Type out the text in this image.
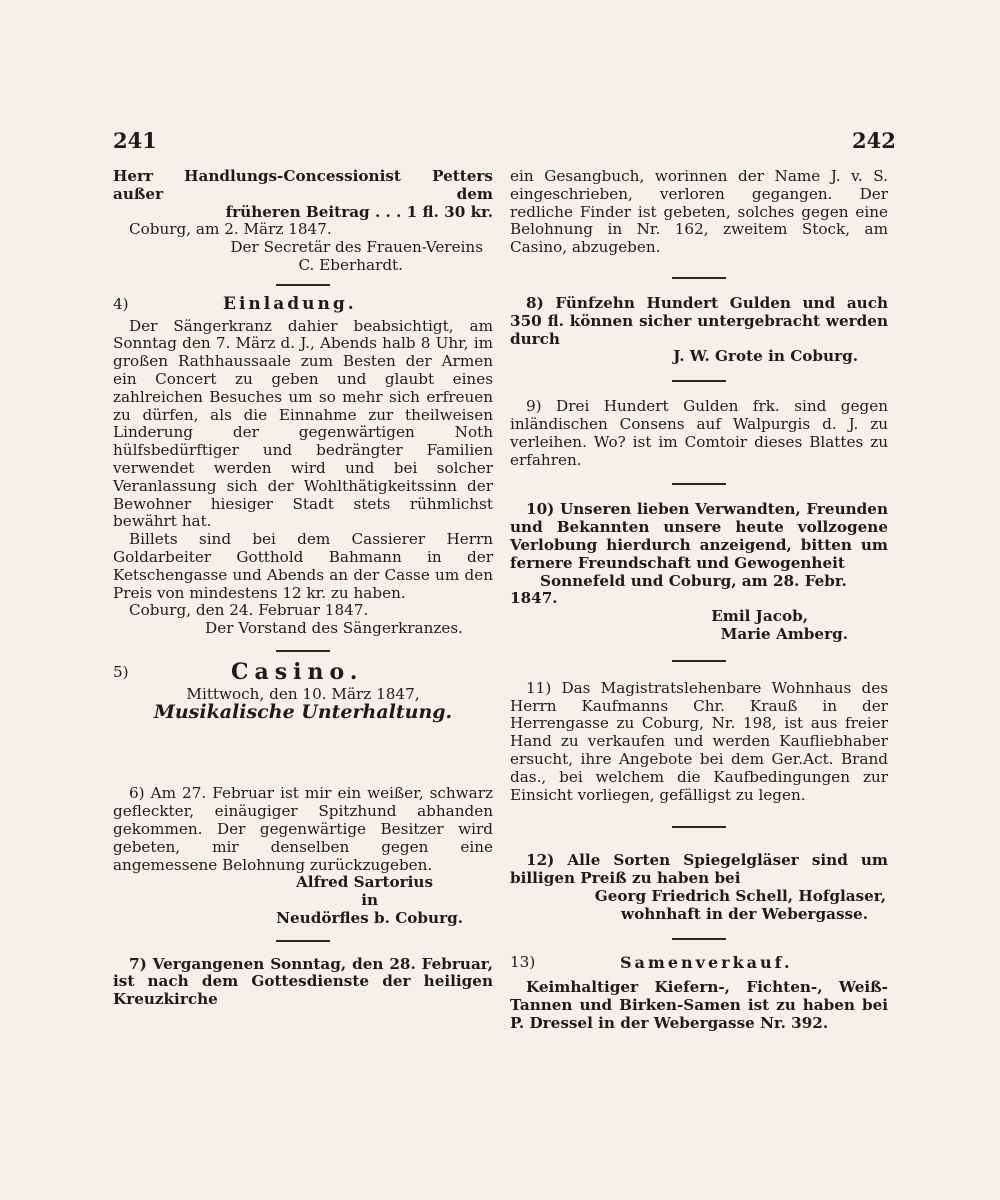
241	242

Herr Handlungs-Concessionist Petters außer dem

früheren Beitrag . . . 1 fl. 30 kr.

Coburg, am 2. März 1847.

Der Secretär des Frauen-Vereins

C. Eberhardt.

4)	Einladung.

Der Sängerkranz dahier beabsichtigt, am Sonntag den 7. März d. J., Abends halb 8 Uhr, im großen Rathhaussaale zum Besten der Armen ein Concert zu geben und glaubt eines zahlreichen Besuches um so mehr sich erfreuen zu dürfen, als die Einnahme zur theilweisen Linderung der gegenwärtigen Noth hülfsbedürftiger und bedrängter Familien verwendet werden wird und bei solcher Veranlassung sich der Wohlthätigkeitssinn der Bewohner hiesiger Stadt stets rühmlichst bewährt hat.

Billets sind bei dem Cassierer Herrn Goldarbeiter Gotthold Bahmann in der Ketschengasse und Abends an der Casse um den Preis von mindestens 12 kr. zu haben.

Coburg, den 24. Februar 1847.

Der Vorstand des Sängerkranzes.

5)	Casino.

Mittwoch, den 10. März 1847,

Musikalische Unterhaltung.

6) Am 27. Februar ist mir ein weißer, schwarz gefleckter, einäugiger Spitzhund abhanden gekommen. Der gegenwärtige Besitzer wird gebeten, mir denselben gegen eine angemessene Belohnung zurückzugeben.

Alfred Sartorius

in

Neudörfles b. Coburg.

7) Vergangenen Sonntag, den 28. Februar, ist nach dem Gottesdienste der heiligen Kreuzkirche

ein Gesangbuch, worinnen der Name J. v. S. eingeschrieben, verloren gegangen. Der redliche Finder ist gebeten, solches gegen eine Belohnung in Nr. 162, zweitem Stock, am Casino, abzugeben.

8) Fünfzehn Hundert Gulden und auch 350 fl. können sicher untergebracht werden durch

J. W. Grote in Coburg.

9) Drei Hundert Gulden frk. sind gegen inländischen Consens auf Walpurgis d. J. zu verleihen. Wo? ist im Comtoir dieses Blattes zu erfahren.

10) Unseren lieben Verwandten, Freunden und Bekannten unsere heute vollzogene Verlobung hierdurch anzeigend, bitten um fernere Freundschaft und Gewogenheit

Sonnefeld und Coburg, am 28. Febr. 1847.

Emil Jacob,

Marie Amberg.

11) Das Magistratslehenbare Wohnhaus des Herrn Kaufmanns Chr. Krauß in der Herrengasse zu Coburg, Nr. 198, ist aus freier Hand zu verkaufen und werden Kaufliebhaber ersucht, ihre Angebote bei dem Ger.Act. Brand das., bei welchem die Kaufbedingungen zur Einsicht vorliegen, gefälligst zu legen.

12) Alle Sorten Spiegelgläser sind um billigen Preiß zu haben bei

Georg Friedrich Schell, Hofglaser,

wohnhaft in der Webergasse.

13)	Samenverkauf.

Keimhaltiger Kiefern-, Fichten-, Weiß-Tannen und Birken-Samen ist zu haben bei P. Dressel in der Webergasse Nr. 392.
